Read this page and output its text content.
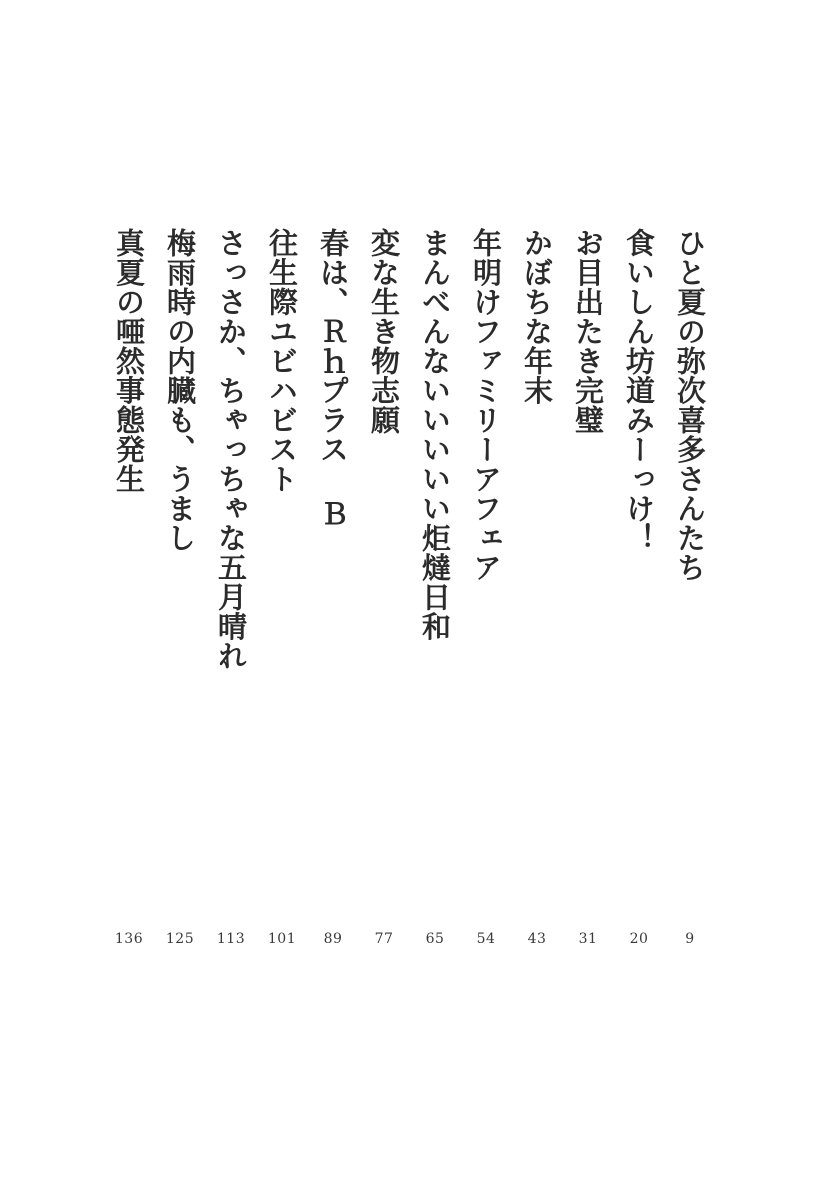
ひと夏の弥次喜多さんたち
9
食いしん坊道みーっけ！
20
お目出たき完璧
31
かぼちな年末
43
年明けファミリーアフェア
54
まんべんないいいいい炬燵日和
65
変な生き物志願
77
春は、Ｒｈプラス Ｂ
89
往生際ユビハビスト
101
さっさか、ちゃっちゃな五月晴れ
113
梅雨時の内臓も、うまし
125
真夏の唖然事態発生
136
